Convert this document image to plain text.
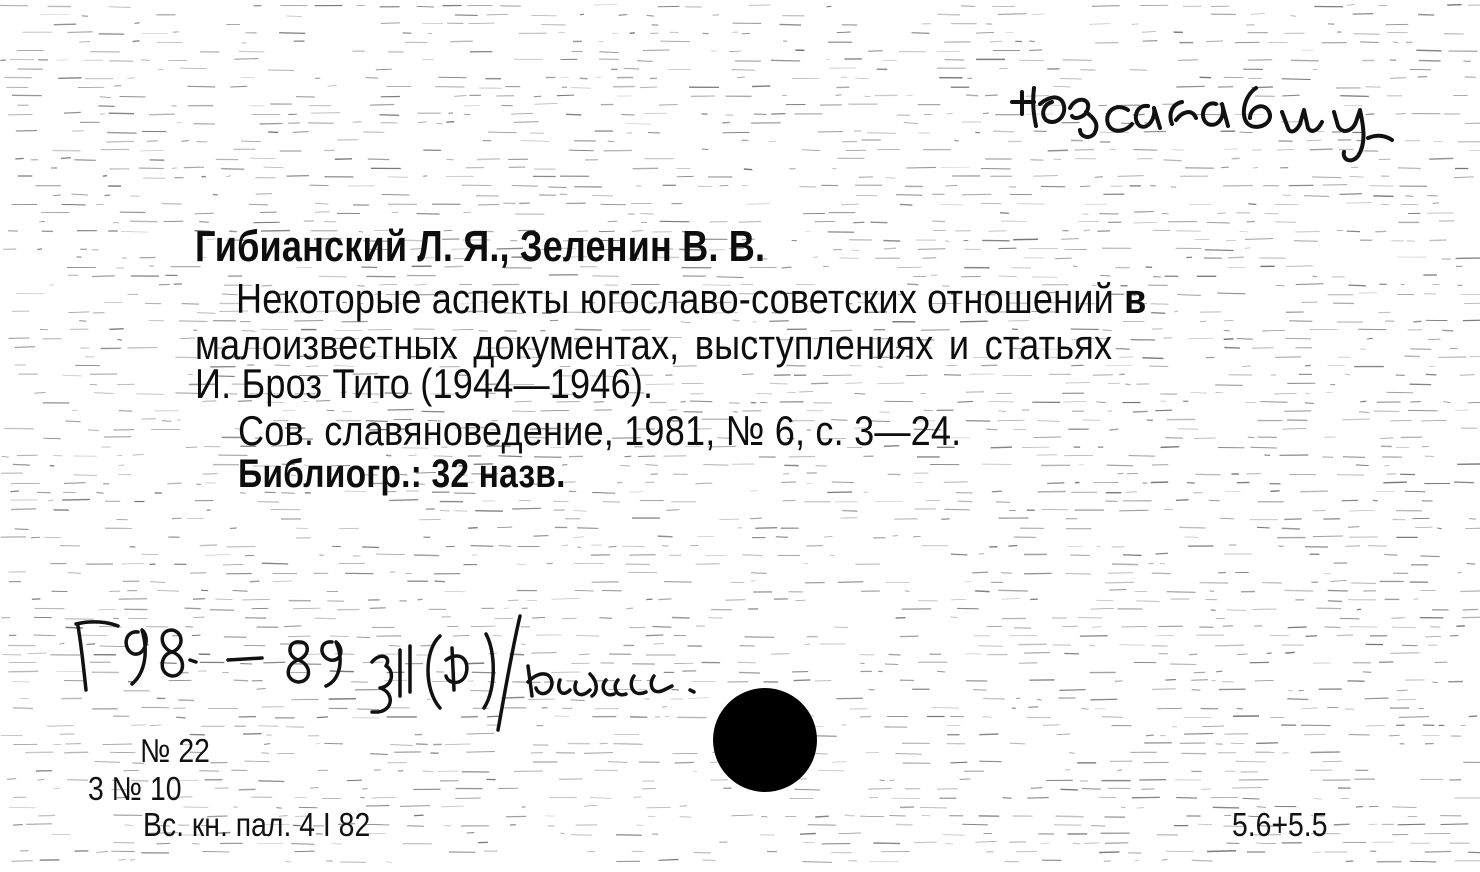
Гибианский Л. Я., Зеленин В. В.
Некоторые аспекты югославо-советских отношений в
малоизвестных документах, выступлениях и статьях
И. Броз Тито (1944—1946).
Сов. славяноведение, 1981, № 6, с. 3—24.
Библиогр.: 32 назв.
№ 22
3 № 10
Вс. кн. пал. 4 I 82	5.6+5.5
